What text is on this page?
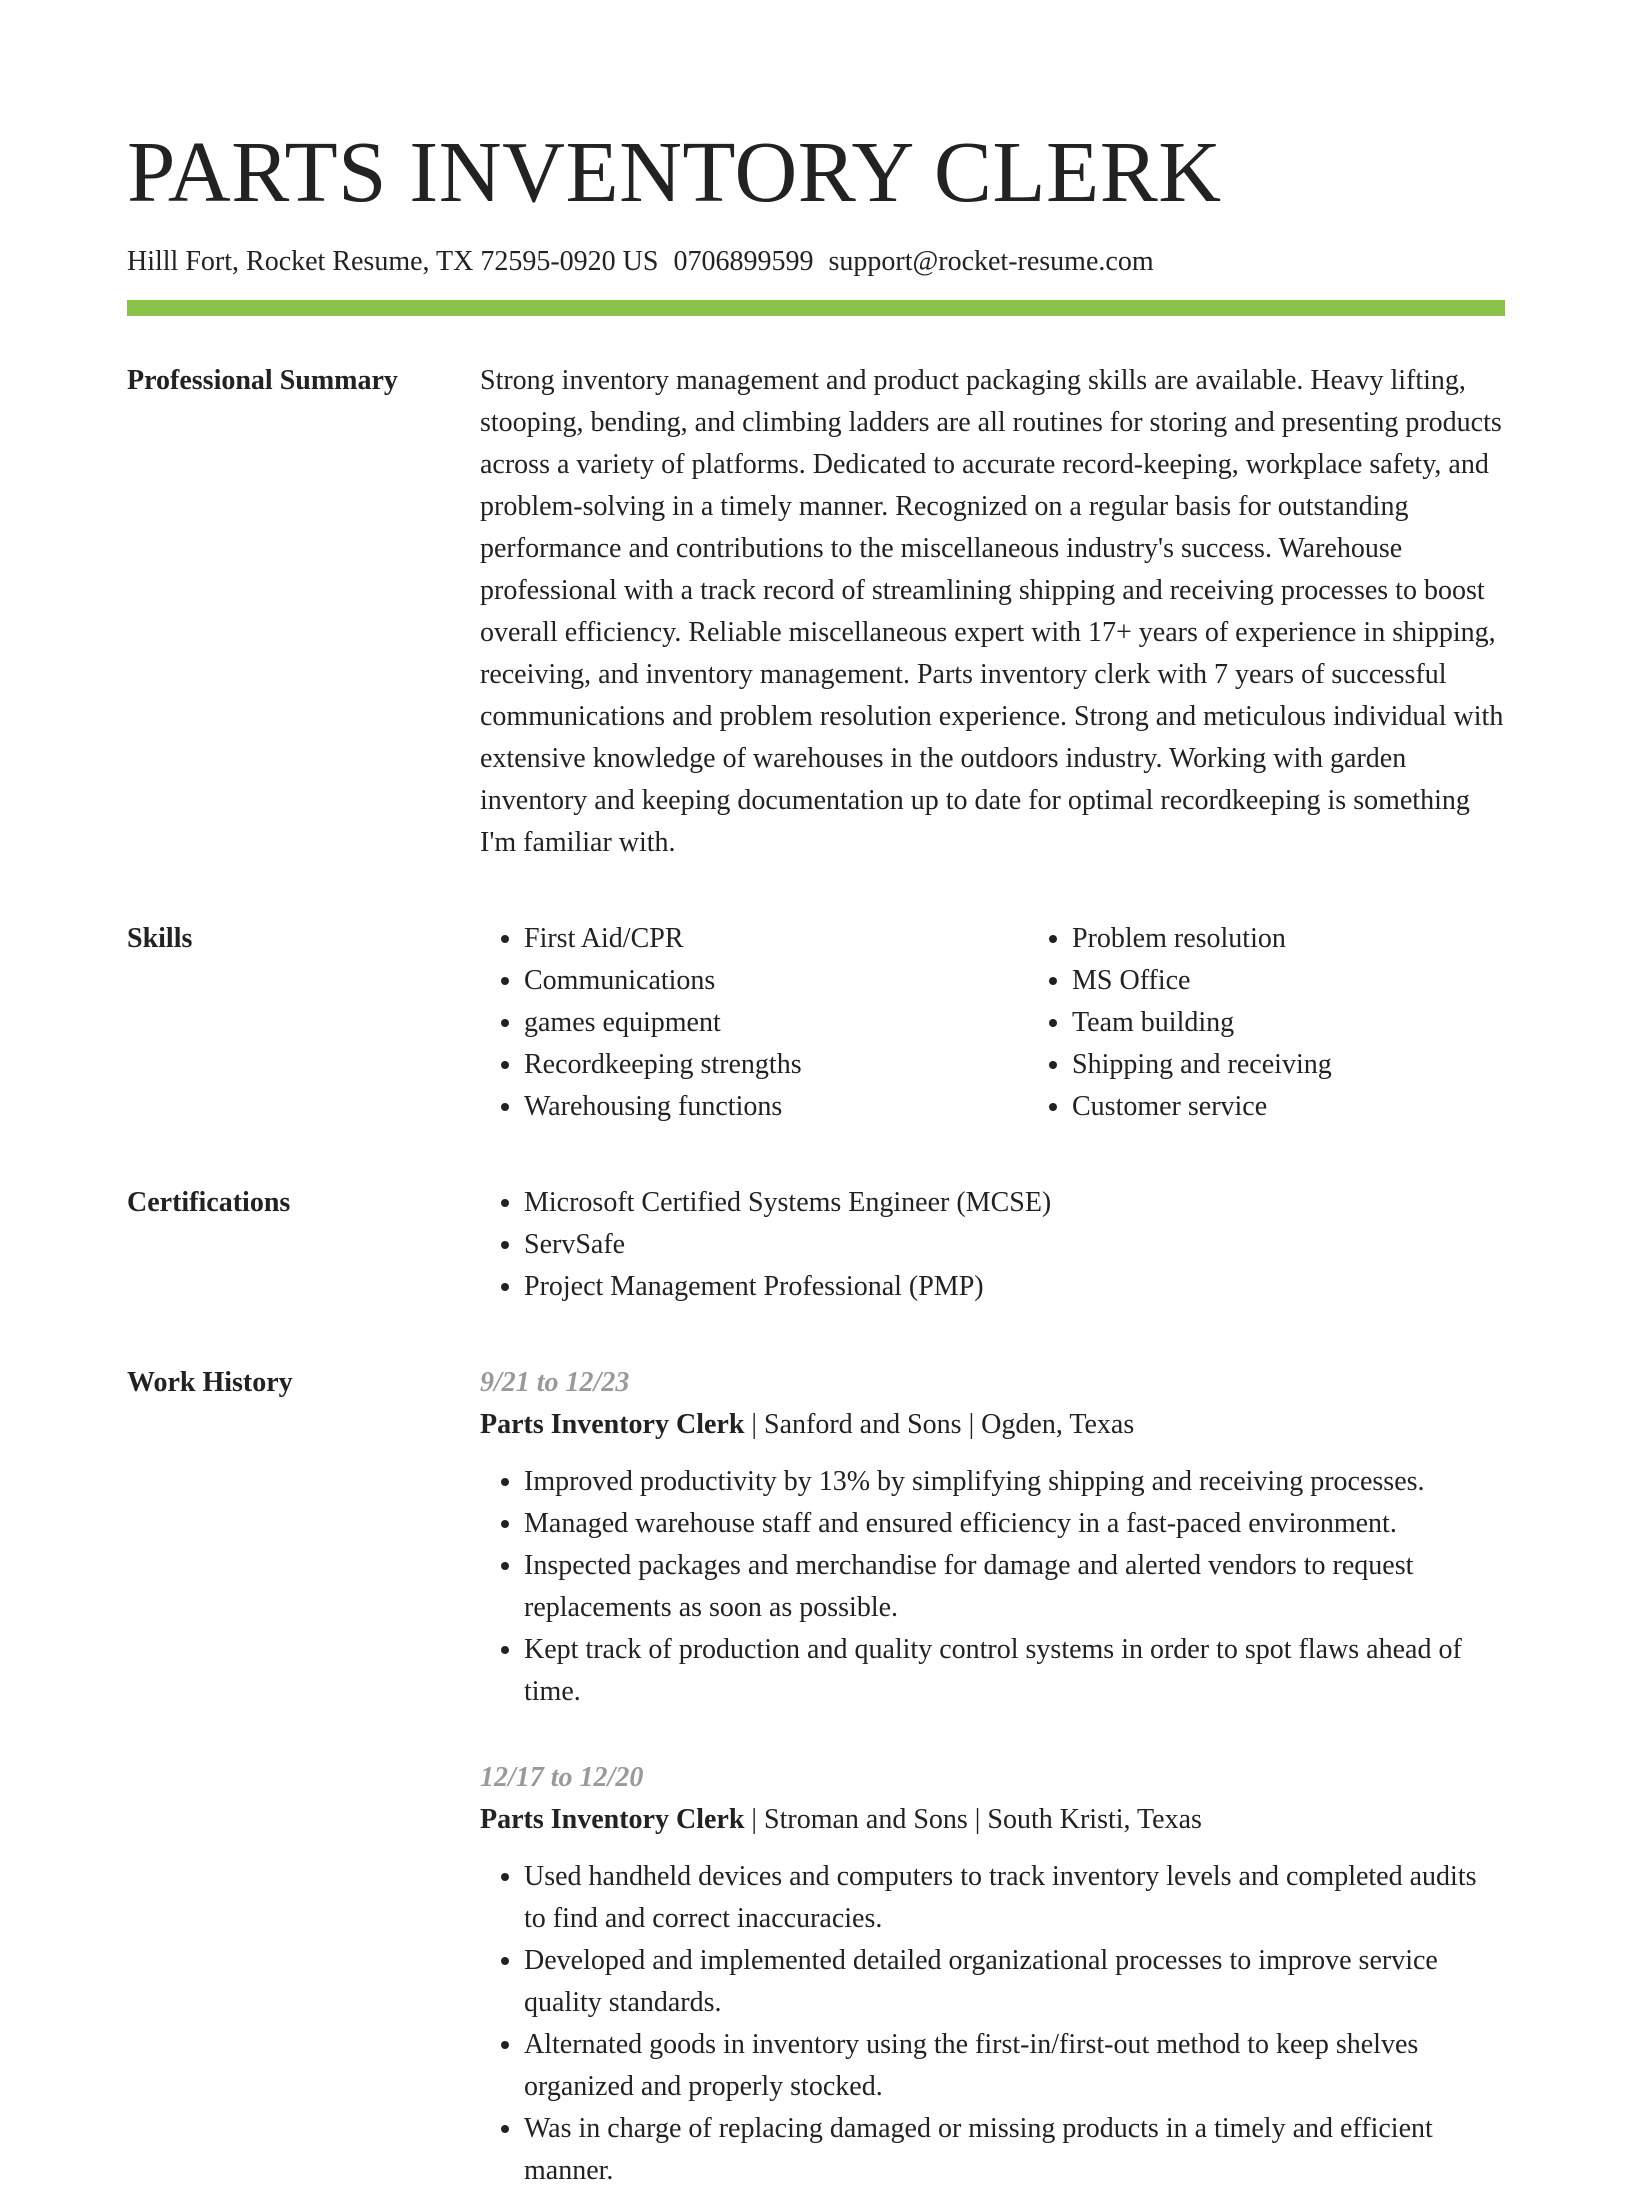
PARTS INVENTORY CLERK
Hilll Fort, Rocket Resume, TX 72595-0920 US 0706899599 support@rocket-resume.com
Professional Summary	Strong inventory management and product packaging skills are available. Heavy lifting, stooping, bending, and climbing ladders are all routines for storing and presenting products across a variety of platforms. Dedicated to accurate record-keeping, workplace safety, and problem-solving in a timely manner. Recognized on a regular basis for outstanding performance and contributions to the miscellaneous industry's success. Warehouse professional with a track record of streamlining shipping and receiving processes to boost overall efficiency. Reliable miscellaneous expert with 17+ years of experience in shipping, receiving, and inventory management. Parts inventory clerk with 7 years of successful communications and problem resolution experience. Strong and meticulous individual with extensive knowledge of warehouses in the outdoors industry. Working with garden inventory and keeping documentation up to date for optimal recordkeeping is something I'm familiar with.

Skills	• First Aid/CPR
• Communications
• games equipment
• Recordkeeping strengths
• Warehousing functions
• Problem resolution
• MS Office
• Team building
• Shipping and receiving
• Customer service
Certifications	• Microsoft Certified Systems Engineer (MCSE)
• ServSafe
• Project Management Professional (PMP)
Work History	9/21 to 12/23
Parts Inventory Clerk | Sanford and Sons | Ogden, Texas
• Improved productivity by 13% by simplifying shipping and receiving processes.
• Managed warehouse staff and ensured efficiency in a fast-paced environment.
• Inspected packages and merchandise for damage and alerted vendors to request replacements as soon as possible.
• Kept track of production and quality control systems in order to spot flaws ahead of time.
12/17 to 12/20
Parts Inventory Clerk | Stroman and Sons | South Kristi, Texas
• Used handheld devices and computers to track inventory levels and completed audits to find and correct inaccuracies.
• Developed and implemented detailed organizational processes to improve service quality standards.
• Alternated goods in inventory using the first-in/first-out method to keep shelves organized and properly stocked.
• Was in charge of replacing damaged or missing products in a timely and efficient manner.
